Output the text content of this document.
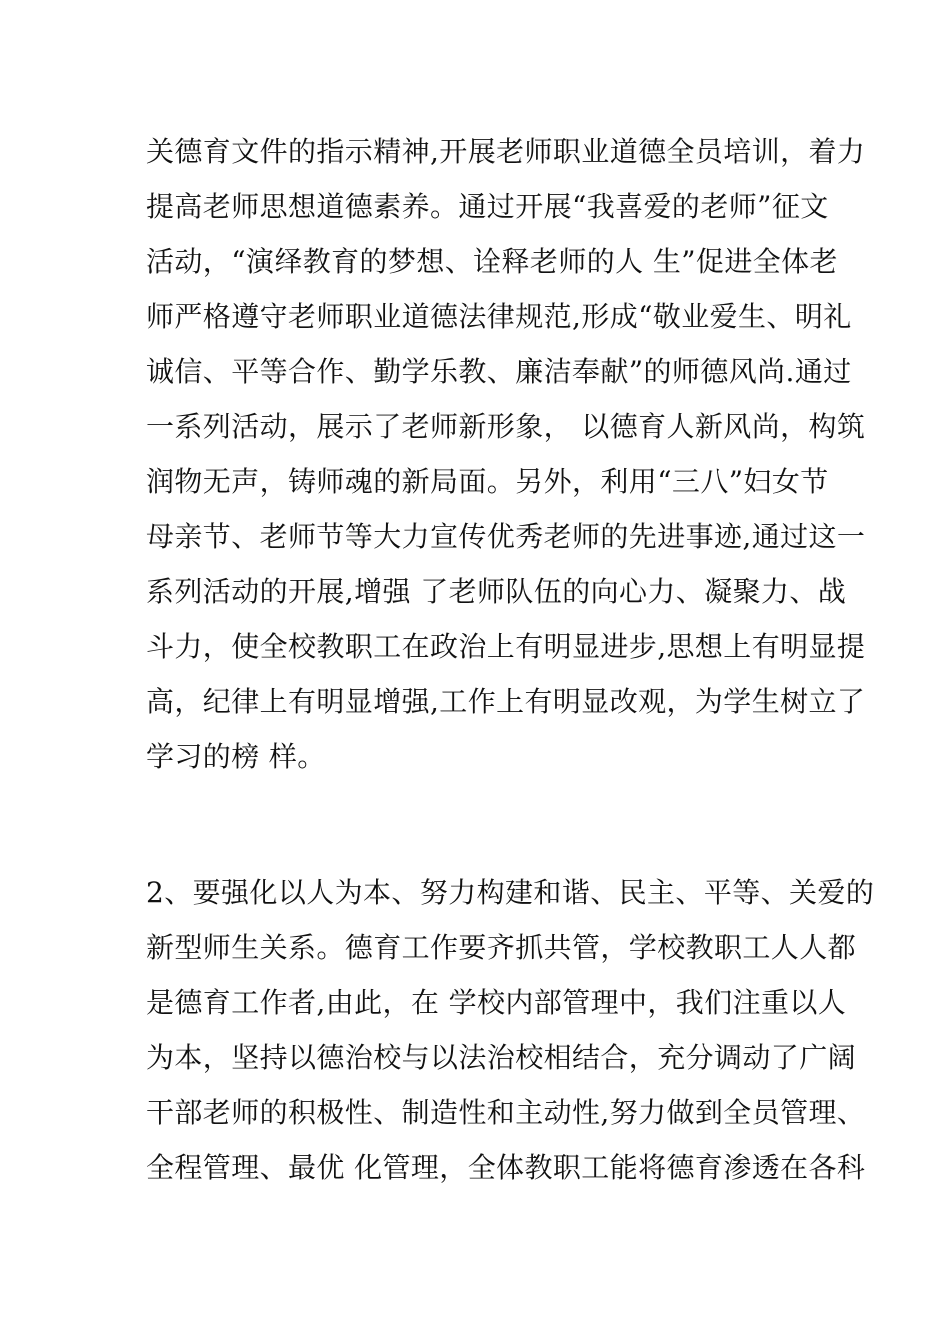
关德育文件的指示精神,开展老师职业道德全员培训，着力
提高老师思想道德素养。通过开展“我喜爱的老师”征文
活动，“演绎教育的梦想、诠释老师的人 生”促进全体老
师严格遵守老师职业道德法律规范,形成“敬业爱生、明礼
诚信、平等合作、勤学乐教、廉洁奉献”的师德风尚.通过
一系列活动，展示了老师新形象， 以德育人新风尚，构筑
润物无声，铸师魂的新局面。另外，利用“三八”妇女节
母亲节、老师节等大力宣传优秀老师的先进事迹,通过这一
系列活动的开展,增强 了老师队伍的向心力、凝聚力、战
斗力，使全校教职工在政治上有明显进步,思想上有明显提
高，纪律上有明显增强,工作上有明显改观，为学生树立了
学习的榜 样。
2、要强化以人为本、努力构建和谐、民主、平等、关爱的
新型师生关系。德育工作要齐抓共管，学校教职工人人都
是德育工作者,由此，在 学校内部管理中，我们注重以人
为本，坚持以德治校与以法治校相结合，充分调动了广阔
干部老师的积极性、制造性和主动性,努力做到全员管理、
全程管理、最优 化管理，全体教职工能将德育渗透在各科
